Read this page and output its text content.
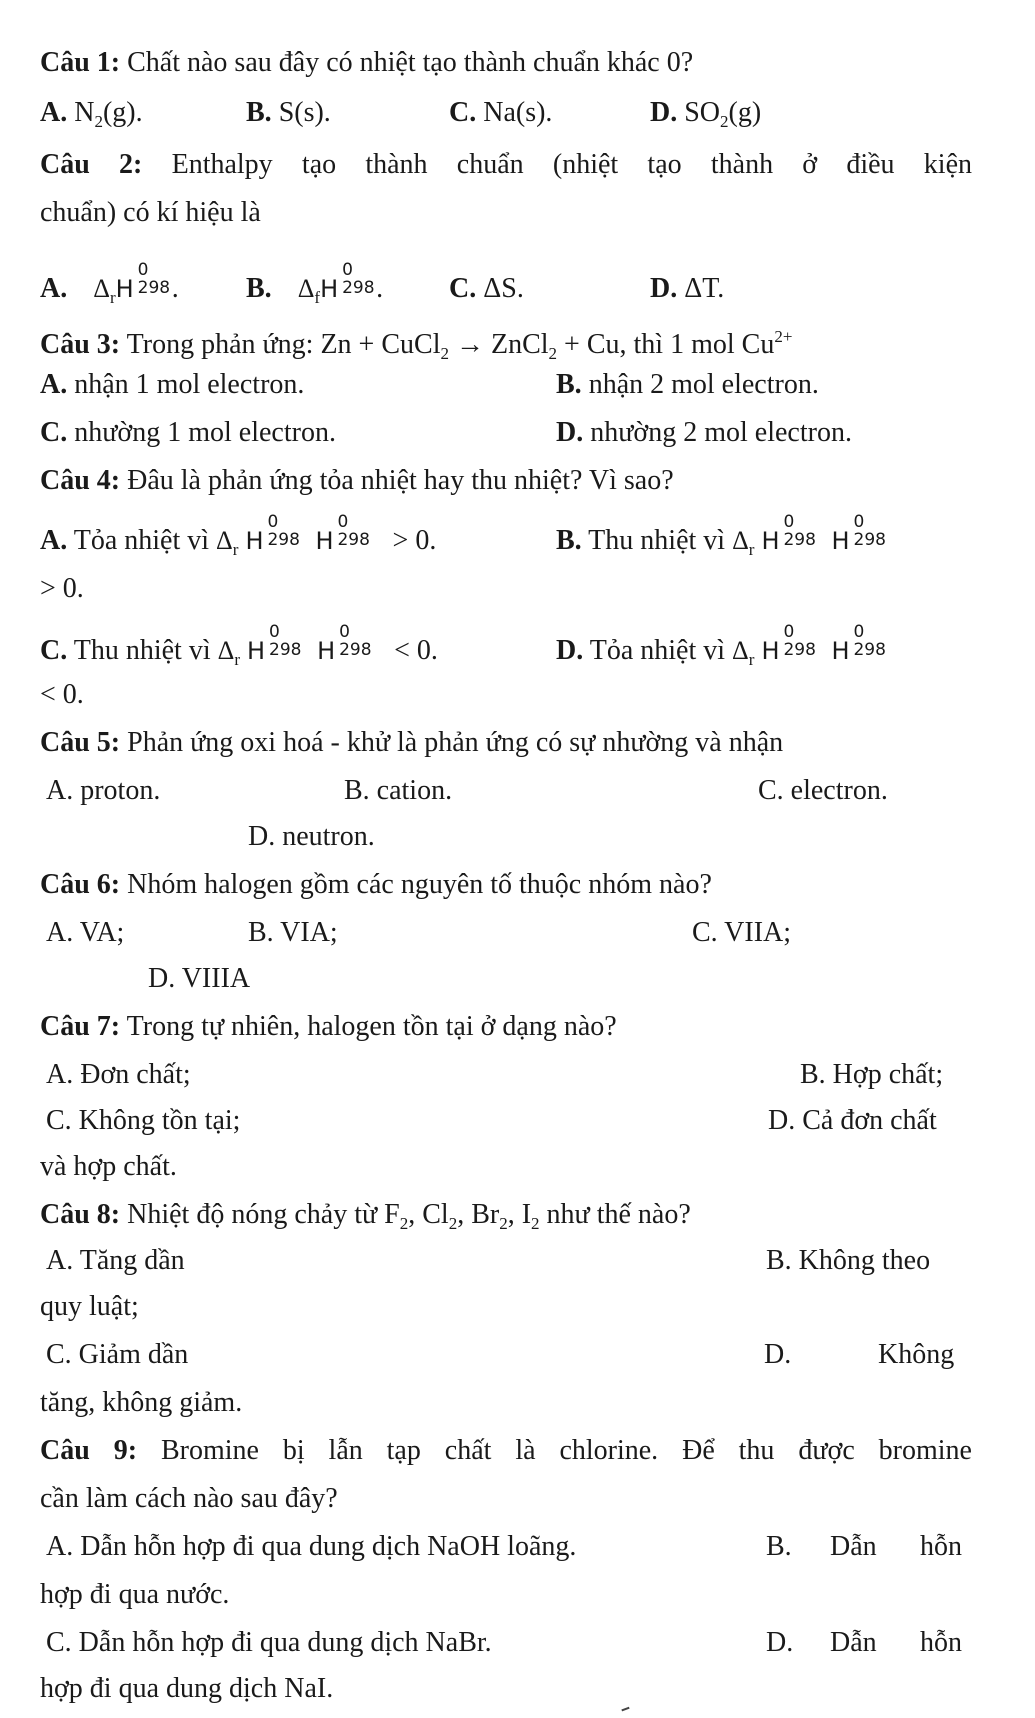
Câu 1: Chất nào sau đây có nhiệt tạo thành chuẩn khác 0?
A. $N_2(g)$.	B. S(s).	C. Na(s).	D. $SO_2(g)$
Câu 2: Enthalpy tạo thành chuẩn (nhiệt tạo thành ở điều kiện
chuẩn) có kí hiệu là
A. $\Delta_rH$
0
298 . B. $\Delta_fH$
0
298 . C. ΔS.	D. ΔT.
Câu 3: Trong phản ứng: Zn + CuCl$_2$ → ZnCl$_2$ + Cu, thì 1 mol $Cu^{2+}$
A. nhận 1 mol electron.	B. nhận 2 mol electron.
C. nhường 1 mol electron.	D. nhường 2 mol electron.
Câu 4: Đâu là phản ứng tỏa nhiệt hay thu nhiệt? Vì sao?
A. Tỏa nhiệt vì $\Delta_r$ H
0
298 H
0
298 > 0.	B. Thu nhiệt vì $\Delta_r$ H
0
298 H
0
298
> 0.
C. Thu nhiệt vì $\Delta_r$ H
0
298 H
0
298 < 0.	D. Tỏa nhiệt vì $\Delta_r$ H
0
298 H
0
298
< 0.
Câu 5: Phản ứng oxi hoá - khử là phản ứng có sự nhường và nhận
A. proton.	B. cation.	C. electron.
D. neutron.
Câu 6: Nhóm halogen gồm các nguyên tố thuộc nhóm nào?
A. VA;	B. VIA;	C. VIIA;
D. VIIIA
Câu 7: Trong tự nhiên, halogen tồn tại ở dạng nào?
A. Đơn chất;	B. Hợp chất;
C. Không tồn tại;	D. Cả đơn chất
và hợp chất.
Câu 8: Nhiệt độ nóng chảy từ $F_2$, $Cl_2$, $Br_2$, $I_2$ như thế nào?
A. Tăng dần	B. Không theo
quy luật;
C. Giảm dần	D.	Không
tăng, không giảm.
Câu 9: Bromine bị lẫn tạp chất là chlorine. Để thu được bromine
cần làm cách nào sau đây?
A. Dẫn hỗn hợp đi qua dung dịch NaOH loãng.	B. Dẫn hỗn
hợp đi qua nước.
C. Dẫn hỗn hợp đi qua dung dịch NaBr.	D. Dẫn hỗn
hợp đi qua dung dịch NaI.
